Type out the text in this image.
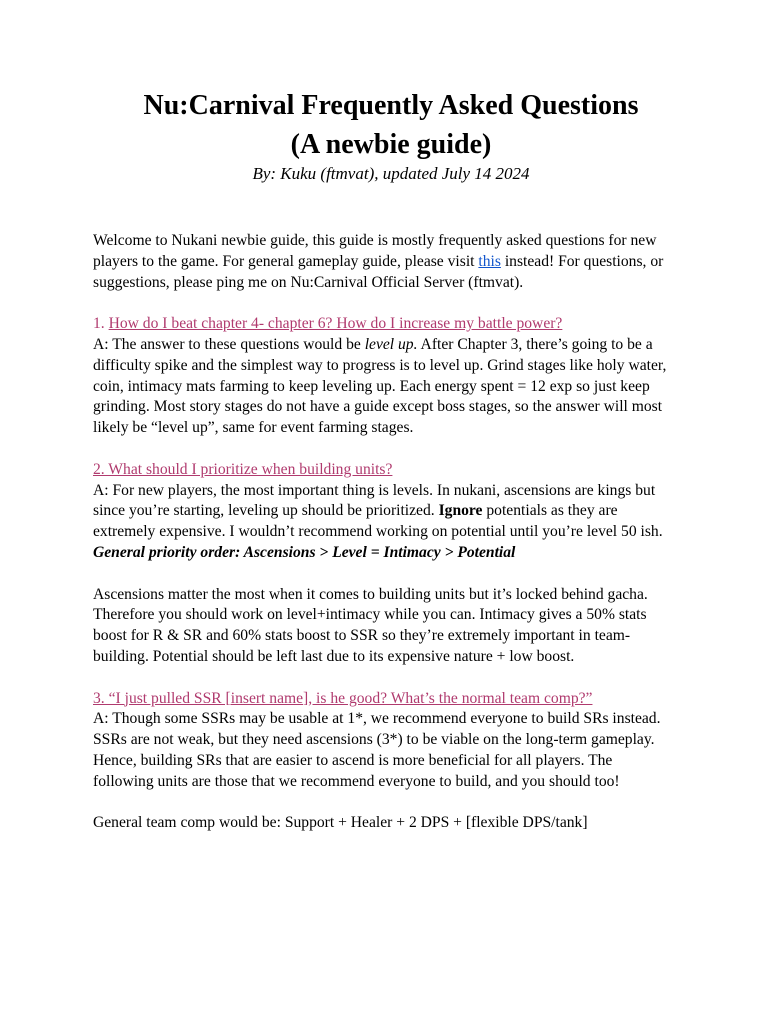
Nu:Carnival Frequently Asked Questions
(A newbie guide)
By: Kuku (ftmvat), updated July 14 2024

Welcome to Nukani newbie guide, this guide is mostly frequently asked questions for new players to the game. For general gameplay guide, please visit this instead! For questions, or suggestions, please ping me on Nu:Carnival Official Server (ftmvat).

1. How do I beat chapter 4- chapter 6? How do I increase my battle power?

A: The answer to these questions would be level up. After Chapter 3, there’s going to be a difficulty spike and the simplest way to progress is to level up. Grind stages like holy water, coin, intimacy mats farming to keep leveling up. Each energy spent = 12 exp so just keep grinding. Most story stages do not have a guide except boss stages, so the answer will most likely be “level up”, same for event farming stages.

2. What should I prioritize when building units?

A: For new players, the most important thing is levels. In nukani, ascensions are kings but since you’re starting, leveling up should be prioritized. Ignore potentials as they are extremely expensive. I wouldn’t recommend working on potential until you’re level 50 ish.

General priority order: Ascensions > Level = Intimacy > Potential

Ascensions matter the most when it comes to building units but it’s locked behind gacha. Therefore you should work on level+intimacy while you can. Intimacy gives a 50% stats boost for R & SR and 60% stats boost to SSR so they’re extremely important in team-building. Potential should be left last due to its expensive nature + low boost.

3. “I just pulled SSR [insert name], is he good? What’s the normal team comp?”

A: Though some SSRs may be usable at 1*, we recommend everyone to build SRs instead. SSRs are not weak, but they need ascensions (3*) to be viable on the long-term gameplay. Hence, building SRs that are easier to ascend is more beneficial for all players. The following units are those that we recommend everyone to build, and you should too!

General team comp would be: Support + Healer + 2 DPS + [flexible DPS/tank]
